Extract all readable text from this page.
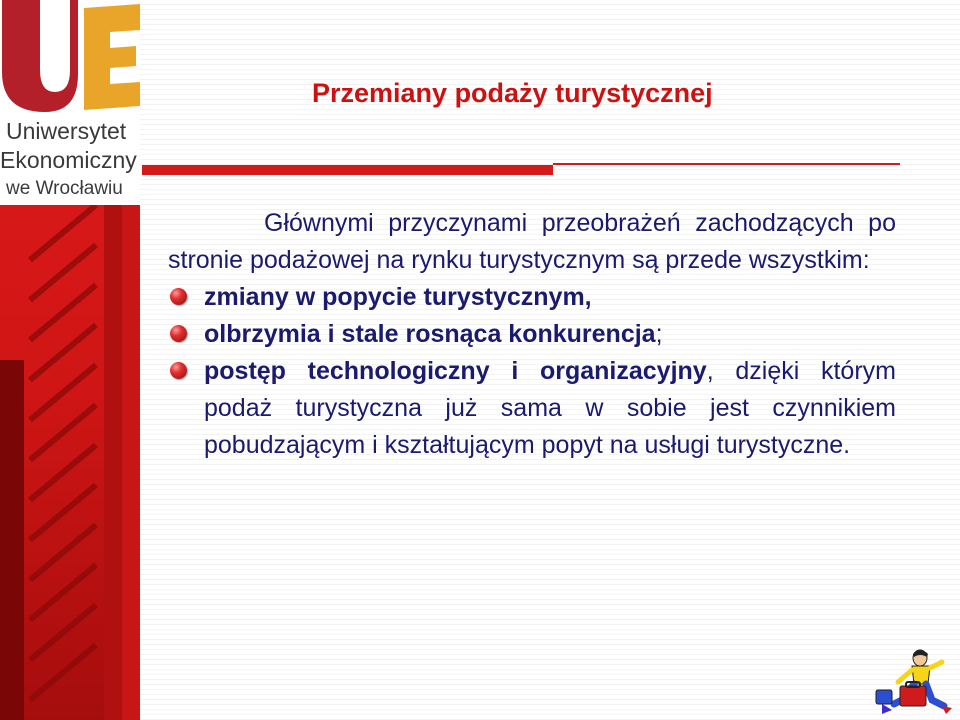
Uniwersytet
Ekonomiczny
we Wrocławiu
Przemiany podaży turystycznej

Głównymi przyczynami przeobrażeń zachodzących po stronie podażowej na rynku turystycznym są przede wszystkim:

zmiany w popycie turystycznym,
olbrzymia i stale rosnąca konkurencja;
postęp technologiczny i organizacyjny, dzięki którym podaż turystyczna już sama w sobie jest czynnikiem pobudzającym i kształtującym popyt na usługi turystyczne.
